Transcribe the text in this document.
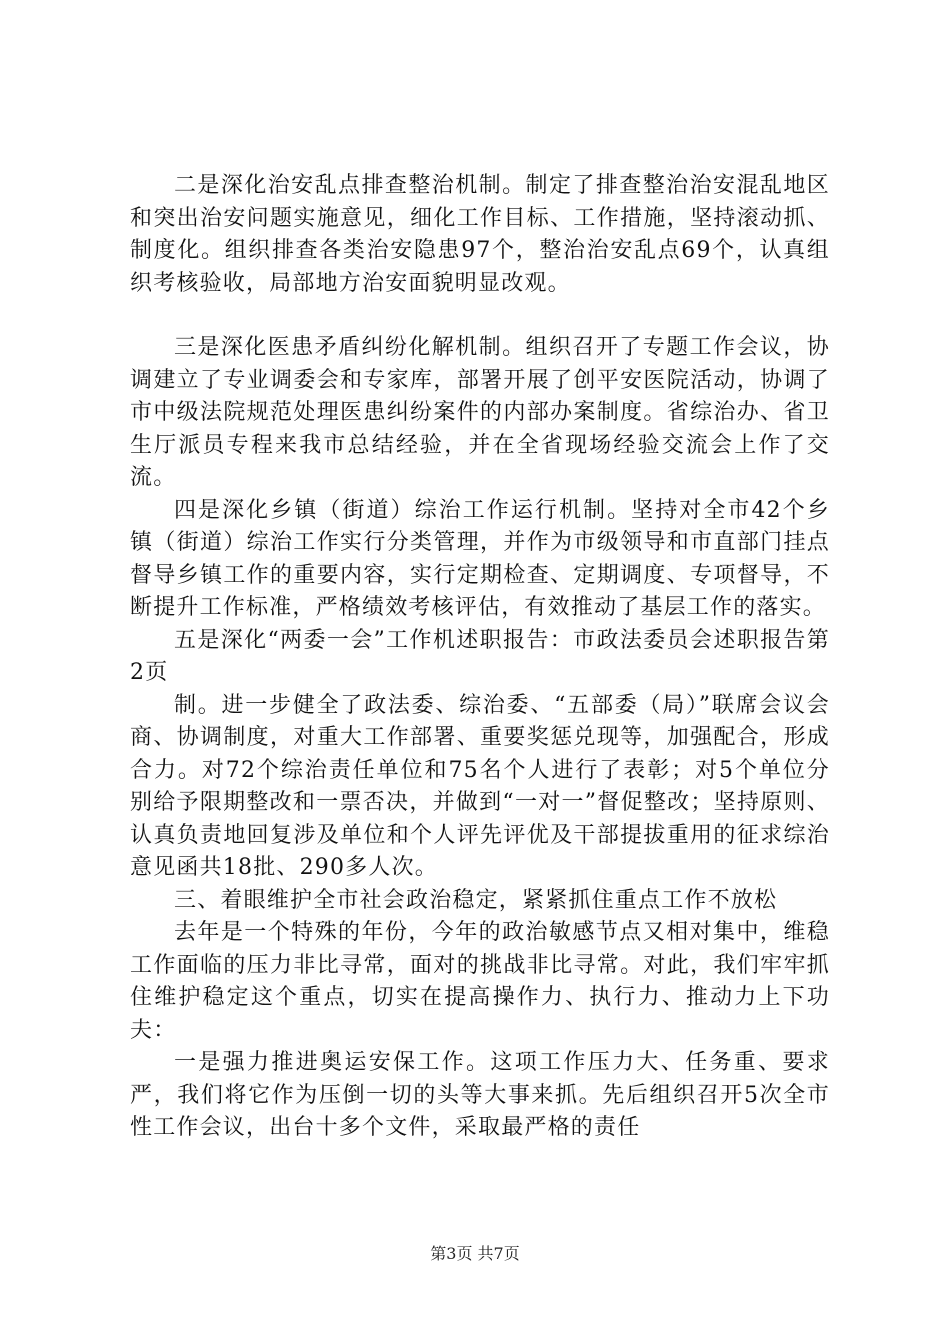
二是深化治安乱点排查整治机制。制定了排查整治治安混乱地区和突出治安问题实施意见，细化工作目标、工作措施，坚持滚动抓、制度化。组织排查各类治安隐患97个，整治治安乱点69个，认真组织考核验收，局部地方治安面貌明显改观。

三是深化医患矛盾纠纷化解机制。组织召开了专题工作会议，协调建立了专业调委会和专家库，部署开展了创平安医院活动，协调了市中级法院规范处理医患纠纷案件的内部办案制度。省综治办、省卫生厅派员专程来我市总结经验，并在全省现场经验交流会上作了交流。

四是深化乡镇（街道）综治工作运行机制。坚持对全市42个乡镇（街道）综治工作实行分类管理，并作为市级领导和市直部门挂点督导乡镇工作的重要内容，实行定期检查、定期调度、专项督导，不断提升工作标准，严格绩效考核评估，有效推动了基层工作的落实。

五是深化“两委一会”工作机述职报告：市政法委员会述职报告第2页

制。进一步健全了政法委、综治委、“五部委（局）”联席会议会商、协调制度，对重大工作部署、重要奖惩兑现等，加强配合，形成合力。对72个综治责任单位和75名个人进行了表彰；对5个单位分别给予限期整改和一票否决，并做到“一对一”督促整改；坚持原则、认真负责地回复涉及单位和个人评先评优及干部提拔重用的征求综治意见函共18批、290多人次。

三、着眼维护全市社会政治稳定，紧紧抓住重点工作不放松

去年是一个特殊的年份，今年的政治敏感节点又相对集中，维稳工作面临的压力非比寻常，面对的挑战非比寻常。对此，我们牢牢抓住维护稳定这个重点，切实在提高操作力、执行力、推动力上下功夫：

一是强力推进奥运安保工作。这项工作压力大、任务重、要求严，我们将它作为压倒一切的头等大事来抓。先后组织召开5次全市性工作会议，出台十多个文件，采取最严格的责任

第3页 共7页
